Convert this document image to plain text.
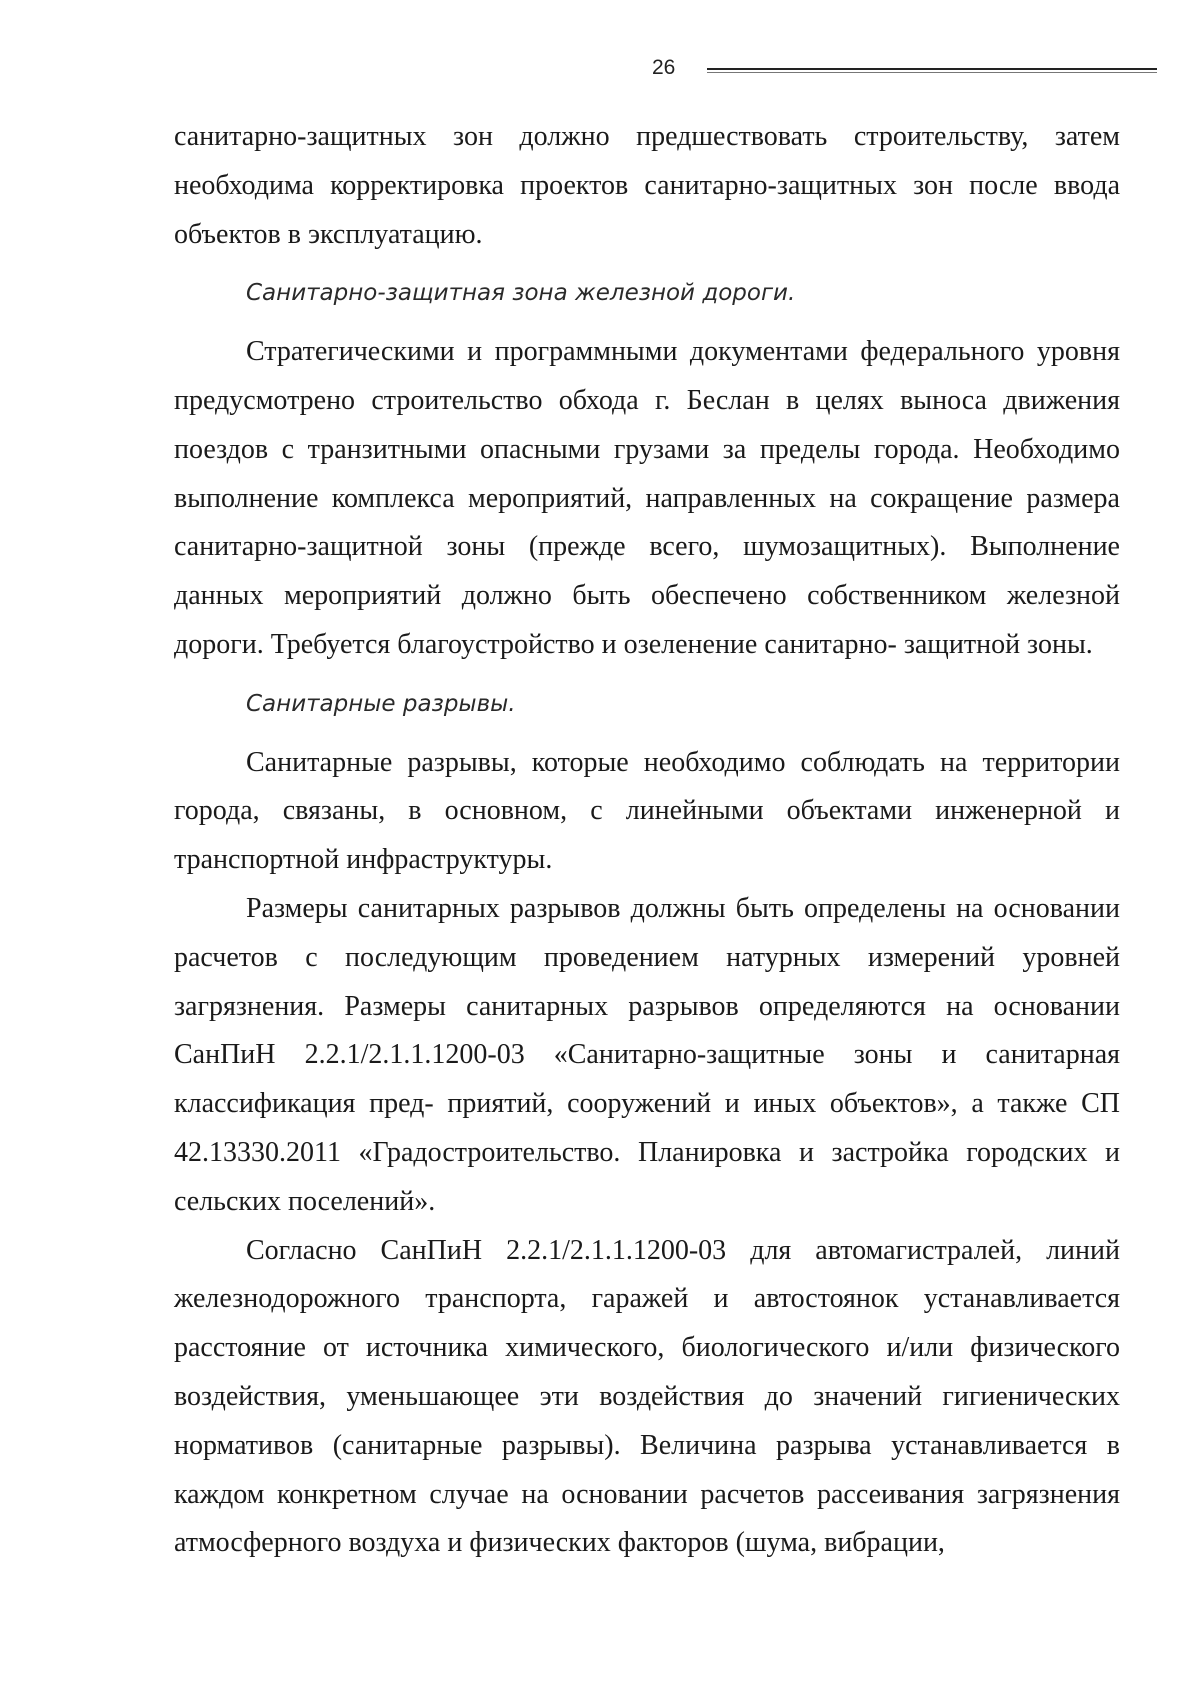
26

санитарно-защитных зон должно предшествовать строительству, затем необходима корректировка проектов санитарно-защитных зон после ввода объектов в эксплуатацию.

Санитарно-защитная зона железной дороги.

Стратегическими и программными документами федерального уровня предусмотрено строительство обхода г. Беслан в целях выноса движения поездов с транзитными опасными грузами за пределы города. Необходимо выполнение комплекса мероприятий, направленных на сокращение размера санитарно-защитной зоны (прежде всего, шумозащитных). Выполнение данных мероприятий должно быть обеспечено собственником железной дороги. Требуется благоустройство и озеленение санитарно- защитной зоны.

Санитарные разрывы.

Санитарные разрывы, которые необходимо соблюдать на территории города, связаны, в основном, с линейными объектами инженерной и транспортной инфраструктуры.

Размеры санитарных разрывов должны быть определены на основании расчетов с последующим проведением натурных измерений уровней загрязнения. Размеры санитарных разрывов определяются на основании СанПиН 2.2.1/2.1.1.1200-03 «Санитарно-защитные зоны и санитарная классификация пред- приятий, сооружений и иных объектов», а также СП 42.13330.2011 «Градостроительство. Планировка и застройка городских и сельских поселений».

Согласно СанПиН 2.2.1/2.1.1.1200-03 для автомагистралей, линий железнодорожного транспорта, гаражей и автостоянок устанавливается расстояние от источника химического, биологического и/или физического воздействия, уменьшающее эти воздействия до значений гигиенических нормативов (санитарные разрывы). Величина разрыва устанавливается в каждом конкретном случае на основании расчетов рассеивания загрязнения атмосферного воздуха и физических факторов (шума, вибрации,
